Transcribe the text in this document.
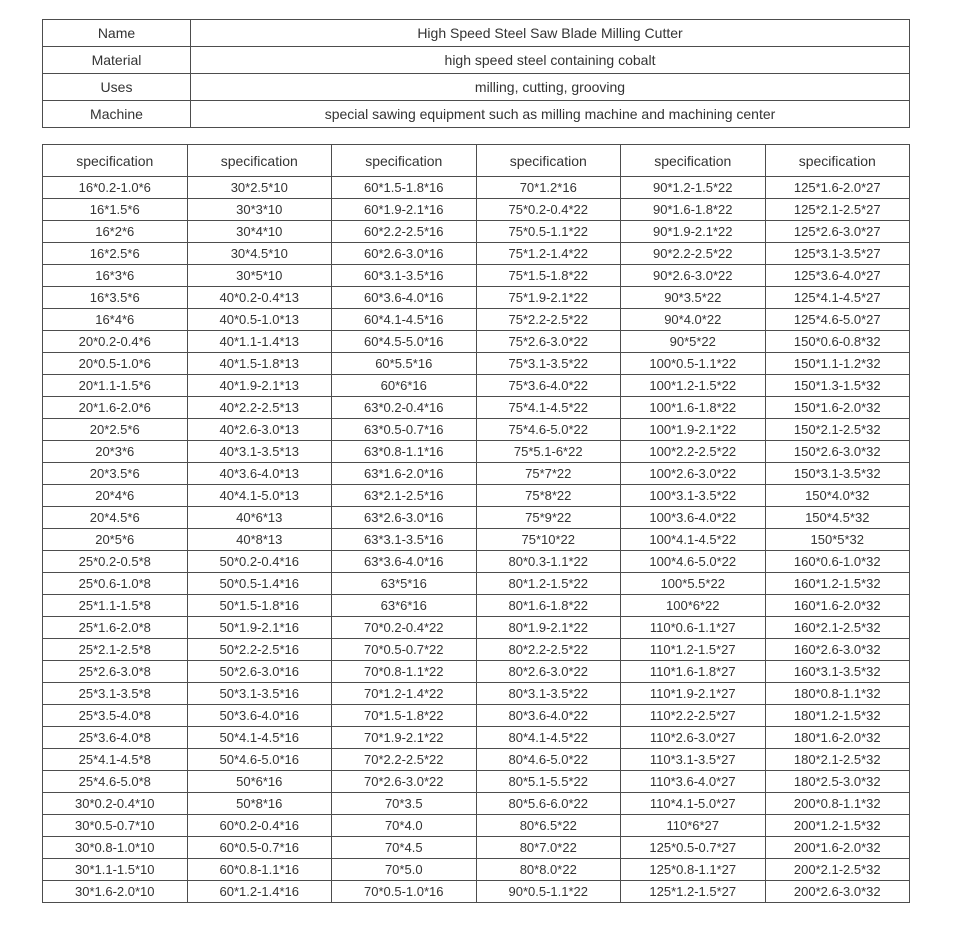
Name	High Speed Steel Saw Blade Milling Cutter
Material	high speed steel containing cobalt
Uses	milling, cutting, grooving
Machine	special sawing equipment such as milling machine and machining center
specification	specification	specification	specification	specification	specification
16*0.2-1.0*6	30*2.5*10	60*1.5-1.8*16	70*1.2*16	90*1.2-1.5*22	125*1.6-2.0*27
16*1.5*6	30*3*10	60*1.9-2.1*16	75*0.2-0.4*22	90*1.6-1.8*22	125*2.1-2.5*27
16*2*6	30*4*10	60*2.2-2.5*16	75*0.5-1.1*22	90*1.9-2.1*22	125*2.6-3.0*27
16*2.5*6	30*4.5*10	60*2.6-3.0*16	75*1.2-1.4*22	90*2.2-2.5*22	125*3.1-3.5*27
16*3*6	30*5*10	60*3.1-3.5*16	75*1.5-1.8*22	90*2.6-3.0*22	125*3.6-4.0*27
16*3.5*6	40*0.2-0.4*13	60*3.6-4.0*16	75*1.9-2.1*22	90*3.5*22	125*4.1-4.5*27
16*4*6	40*0.5-1.0*13	60*4.1-4.5*16	75*2.2-2.5*22	90*4.0*22	125*4.6-5.0*27
20*0.2-0.4*6	40*1.1-1.4*13	60*4.5-5.0*16	75*2.6-3.0*22	90*5*22	150*0.6-0.8*32
20*0.5-1.0*6	40*1.5-1.8*13	60*5.5*16	75*3.1-3.5*22	100*0.5-1.1*22	150*1.1-1.2*32
20*1.1-1.5*6	40*1.9-2.1*13	60*6*16	75*3.6-4.0*22	100*1.2-1.5*22	150*1.3-1.5*32
20*1.6-2.0*6	40*2.2-2.5*13	63*0.2-0.4*16	75*4.1-4.5*22	100*1.6-1.8*22	150*1.6-2.0*32
20*2.5*6	40*2.6-3.0*13	63*0.5-0.7*16	75*4.6-5.0*22	100*1.9-2.1*22	150*2.1-2.5*32
20*3*6	40*3.1-3.5*13	63*0.8-1.1*16	75*5.1-6*22	100*2.2-2.5*22	150*2.6-3.0*32
20*3.5*6	40*3.6-4.0*13	63*1.6-2.0*16	75*7*22	100*2.6-3.0*22	150*3.1-3.5*32
20*4*6	40*4.1-5.0*13	63*2.1-2.5*16	75*8*22	100*3.1-3.5*22	150*4.0*32
20*4.5*6	40*6*13	63*2.6-3.0*16	75*9*22	100*3.6-4.0*22	150*4.5*32
20*5*6	40*8*13	63*3.1-3.5*16	75*10*22	100*4.1-4.5*22	150*5*32
25*0.2-0.5*8	50*0.2-0.4*16	63*3.6-4.0*16	80*0.3-1.1*22	100*4.6-5.0*22	160*0.6-1.0*32
25*0.6-1.0*8	50*0.5-1.4*16	63*5*16	80*1.2-1.5*22	100*5.5*22	160*1.2-1.5*32
25*1.1-1.5*8	50*1.5-1.8*16	63*6*16	80*1.6-1.8*22	100*6*22	160*1.6-2.0*32
25*1.6-2.0*8	50*1.9-2.1*16	70*0.2-0.4*22	80*1.9-2.1*22	110*0.6-1.1*27	160*2.1-2.5*32
25*2.1-2.5*8	50*2.2-2.5*16	70*0.5-0.7*22	80*2.2-2.5*22	110*1.2-1.5*27	160*2.6-3.0*32
25*2.6-3.0*8	50*2.6-3.0*16	70*0.8-1.1*22	80*2.6-3.0*22	110*1.6-1.8*27	160*3.1-3.5*32
25*3.1-3.5*8	50*3.1-3.5*16	70*1.2-1.4*22	80*3.1-3.5*22	110*1.9-2.1*27	180*0.8-1.1*32
25*3.5-4.0*8	50*3.6-4.0*16	70*1.5-1.8*22	80*3.6-4.0*22	110*2.2-2.5*27	180*1.2-1.5*32
25*3.6-4.0*8	50*4.1-4.5*16	70*1.9-2.1*22	80*4.1-4.5*22	110*2.6-3.0*27	180*1.6-2.0*32
25*4.1-4.5*8	50*4.6-5.0*16	70*2.2-2.5*22	80*4.6-5.0*22	110*3.1-3.5*27	180*2.1-2.5*32
25*4.6-5.0*8	50*6*16	70*2.6-3.0*22	80*5.1-5.5*22	110*3.6-4.0*27	180*2.5-3.0*32
30*0.2-0.4*10	50*8*16	70*3.5	80*5.6-6.0*22	110*4.1-5.0*27	200*0.8-1.1*32
30*0.5-0.7*10	60*0.2-0.4*16	70*4.0	80*6.5*22	110*6*27	200*1.2-1.5*32
30*0.8-1.0*10	60*0.5-0.7*16	70*4.5	80*7.0*22	125*0.5-0.7*27	200*1.6-2.0*32
30*1.1-1.5*10	60*0.8-1.1*16	70*5.0	80*8.0*22	125*0.8-1.1*27	200*2.1-2.5*32
30*1.6-2.0*10	60*1.2-1.4*16	70*0.5-1.0*16	90*0.5-1.1*22	125*1.2-1.5*27	200*2.6-3.0*32
